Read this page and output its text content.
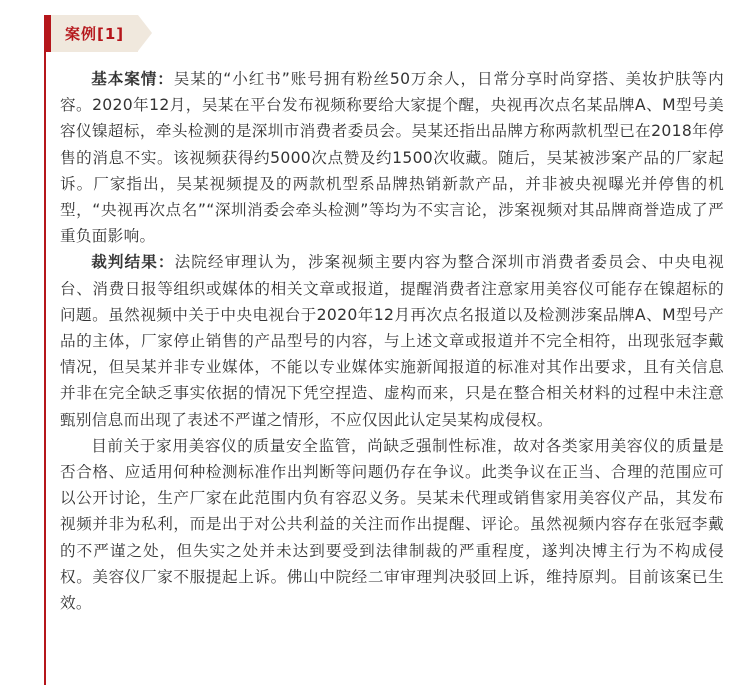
案例[1]

基本案情：吴某的“小红书”账号拥有粉丝50万余人，日常分享时尚穿搭、美妆护肤等内容。2020年12月，吴某在平台发布视频称要给大家提个醒，央视再次点名某品牌A、M型号美容仪镍超标，牵头检测的是深圳市消费者委员会。吴某还指出品牌方称两款机型已在2018年停售的消息不实。该视频获得约5000次点赞及约1500次收藏。随后，吴某被涉案产品的厂家起诉。厂家指出，吴某视频提及的两款机型系品牌热销新款产品，并非被央视曝光并停售的机型，“央视再次点名”“深圳消委会牵头检测”等均为不实言论，涉案视频对其品牌商誉造成了严重负面影响。

裁判结果：法院经审理认为，涉案视频主要内容为整合深圳市消费者委员会、中央电视台、消费日报等组织或媒体的相关文章或报道，提醒消费者注意家用美容仪可能存在镍超标的问题。虽然视频中关于中央电视台于2020年12月再次点名报道以及检测涉案品牌A、M型号产品的主体，厂家停止销售的产品型号的内容，与上述文章或报道并不完全相符，出现张冠李戴情况，但吴某并非专业媒体，不能以专业媒体实施新闻报道的标准对其作出要求，且有关信息并非在完全缺乏事实依据的情况下凭空捏造、虚构而来，只是在整合相关材料的过程中未注意甄别信息而出现了表述不严谨之情形，不应仅因此认定吴某构成侵权。

目前关于家用美容仪的质量安全监管，尚缺乏强制性标准，故对各类家用美容仪的质量是否合格、应适用何种检测标准作出判断等问题仍存在争议。此类争议在正当、合理的范围应可以公开讨论，生产厂家在此范围内负有容忍义务。吴某未代理或销售家用美容仪产品，其发布视频并非为私利，而是出于对公共利益的关注而作出提醒、评论。虽然视频内容存在张冠李戴的不严谨之处，但失实之处并未达到要受到法律制裁的严重程度，遂判决博主行为不构成侵权。美容仪厂家不服提起上诉。佛山中院经二审审理判决驳回上诉，维持原判。目前该案已生效。
